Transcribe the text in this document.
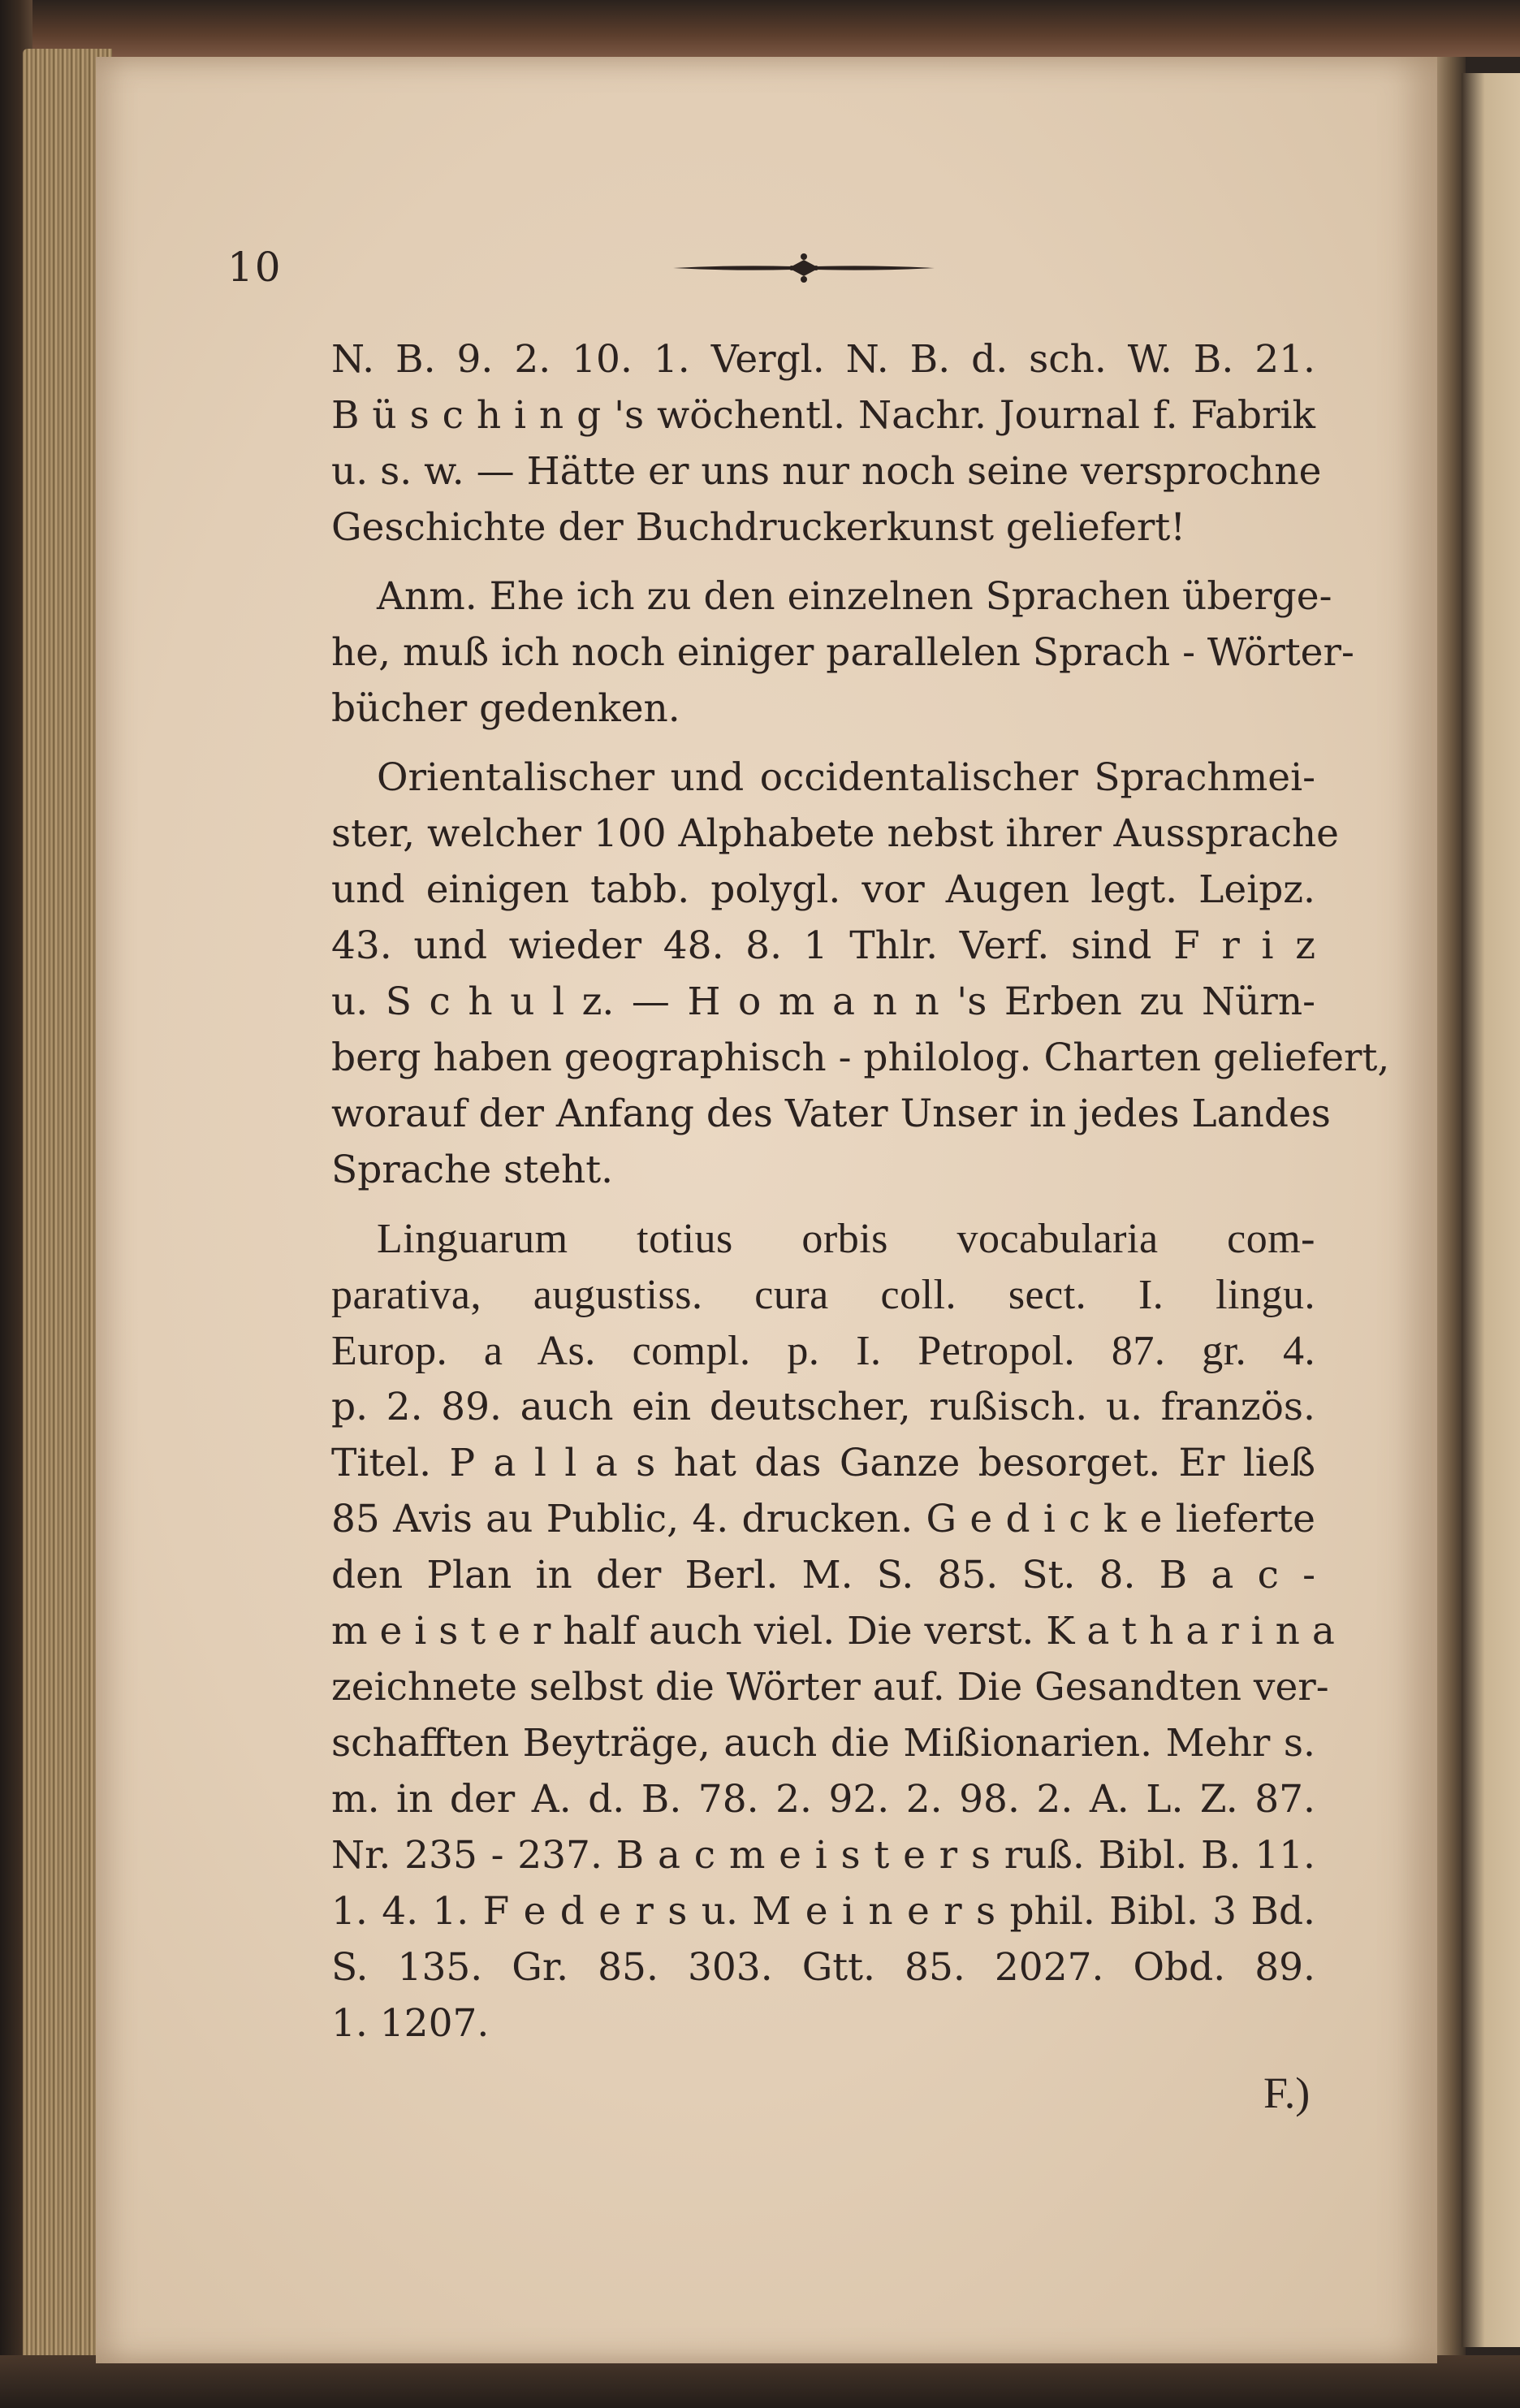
10
N. B. 9. 2. 10. 1. Vergl. N. B. d. sch. W. B. 21.
B ü s c h i n g 's wöchentl. Nachr. Journal f. Fabrik
u. s. w. — Hätte er uns nur noch seine versprochne
Geschichte der Buchdruckerkunst geliefert!
Anm. Ehe ich zu den einzelnen Sprachen überge-
he, muß ich noch einiger parallelen Sprach - Wörter-
bücher gedenken.
Orientalischer und occidentalischer Sprachmei-
ster, welcher 100 Alphabete nebst ihrer Aussprache
und einigen tabb. polygl. vor Augen legt. Leipz.
43. und wieder 48. 8. 1 Thlr. Verf. sind F r i z
u. S c h u l z. — H o m a n n 's Erben zu Nürn-
berg haben geographisch - philolog. Charten geliefert,
worauf der Anfang des Vater Unser in jedes Landes
Sprache steht.
Linguarum totius orbis vocabularia com-
parativa, augustiss. cura coll. sect. I. lingu.
Europ. a As. compl. p. I. Petropol. 87. gr. 4.
p. 2. 89. auch ein deutscher, rußisch. u. französ.
Titel. P a l l a s hat das Ganze besorget. Er ließ
85 Avis au Public, 4. drucken. G e d i c k e lieferte
den Plan in der Berl. M. S. 85. St. 8. B a c -
m e i s t e r half auch viel. Die verst. K a t h a r i n a
zeichnete selbst die Wörter auf. Die Gesandten ver-
schafften Beyträge, auch die Mißionarien. Mehr s.
m. in der A. d. B. 78. 2. 92. 2. 98. 2. A. L. Z. 87.
Nr. 235 - 237. B a c m e i s t e r s ruß. Bibl. B. 11.
1. 4. 1. F e d e r s u. M e i n e r s phil. Bibl. 3 Bd.
S. 135. Gr. 85. 303. Gtt. 85. 2027. Obd. 89.
1. 1207.
F.)
